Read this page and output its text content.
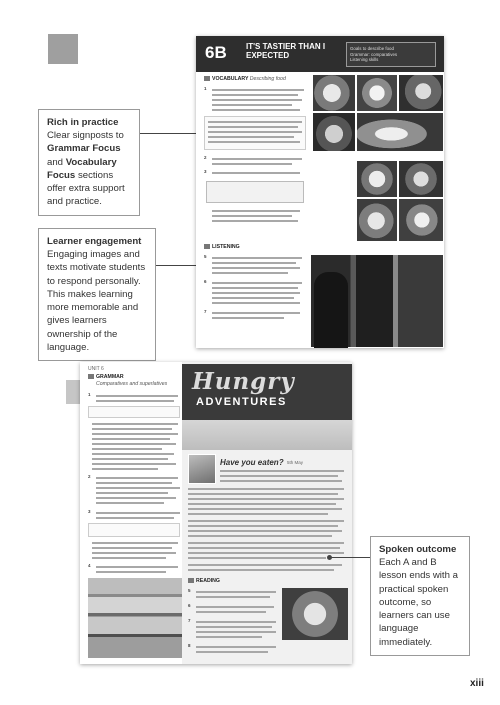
Rich in practice
Clear signposts to Grammar Focus and Vocabulary Focus sections offer extra support and practice.
Learner engagement
Engaging images and texts motivate students to respond personally. This makes learning more memorable and gives learners ownership of the language.
6B IT'S TASTIER THAN I EXPECTED
Goals to describe food
Grammar: comparatives
Listening skills
VOCABULARY Describing food
1
2
3
LISTENING
5
6
7
UNIT 6
GRAMMAR
Comparatives and superlatives
1
2
3
4
Hungry
ADVENTURES
Have you eaten? 5th May
READING
5
6
7
8
Spoken outcome
Each A and B lesson ends with a practical spoken outcome, so learners can use language immediately.
xiii
